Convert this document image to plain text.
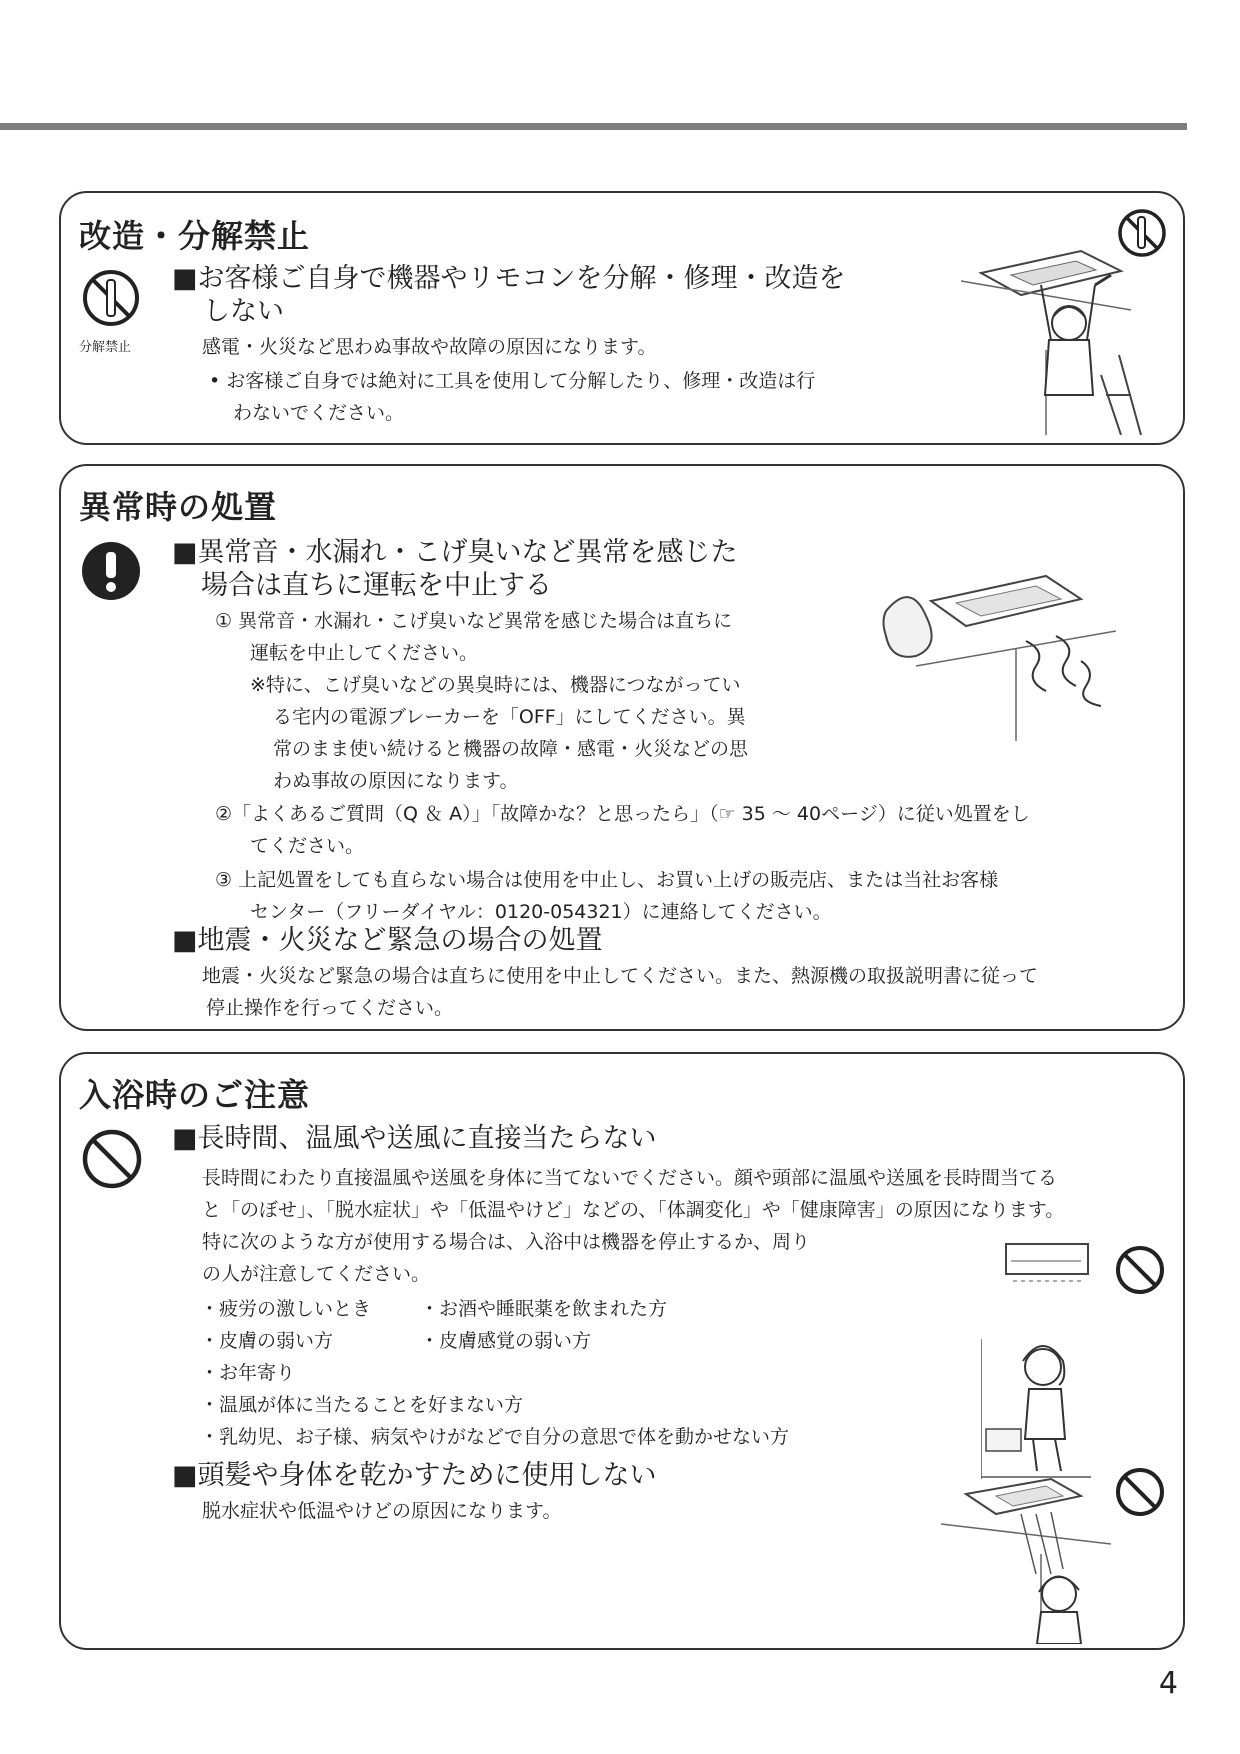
改造・分解禁止
分解禁止
■お客様ご自身で機器やリモコンを分解・修理・改造を
しない
感電・火災など思わぬ事故や故障の原因になります。
• お客様ご自身では絶対に工具を使用して分解したり、修理・改造は行
わないでください。
異常時の処置
■異常音・水漏れ・こげ臭いなど異常を感じた
場合は直ちに運転を中止する
① 異常音・水漏れ・こげ臭いなど異常を感じた場合は直ちに
運転を中止してください。
※特に、こげ臭いなどの異臭時には、機器につながってい
る宅内の電源ブレーカーを「OFF」にしてください。異
常のまま使い続けると機器の故障・感電・火災などの思
わぬ事故の原因になります。
②「よくあるご質問（Q ＆ A）」「故障かな？と思ったら」（☞ 35 ～ 40ページ）に従い処置をし
てください。
③ 上記処置をしても直らない場合は使用を中止し、お買い上げの販売店、または当社お客様
センター（フリーダイヤル：0120-054321）に連絡してください。
■地震・火災など緊急の場合の処置
地震・火災など緊急の場合は直ちに使用を中止してください。また、熱源機の取扱説明書に従って
停止操作を行ってください。
入浴時のご注意
■長時間、温風や送風に直接当たらない
長時間にわたり直接温風や送風を身体に当てないでください。顔や頭部に温風や送風を長時間当てる
と「のぼせ」、「脱水症状」や「低温やけど」などの、「体調変化」や「健康障害」の原因になります。
特に次のような方が使用する場合は、入浴中は機器を停止するか、周り
の人が注意してください。
・疲労の激しいとき	・お酒や睡眠薬を飲まれた方
・皮膚の弱い方	・皮膚感覚の弱い方
・お年寄り
・温風が体に当たることを好まない方
・乳幼児、お子様、病気やけがなどで自分の意思で体を動かせない方
■頭髪や身体を乾かすために使用しない
脱水症状や低温やけどの原因になります。
4
